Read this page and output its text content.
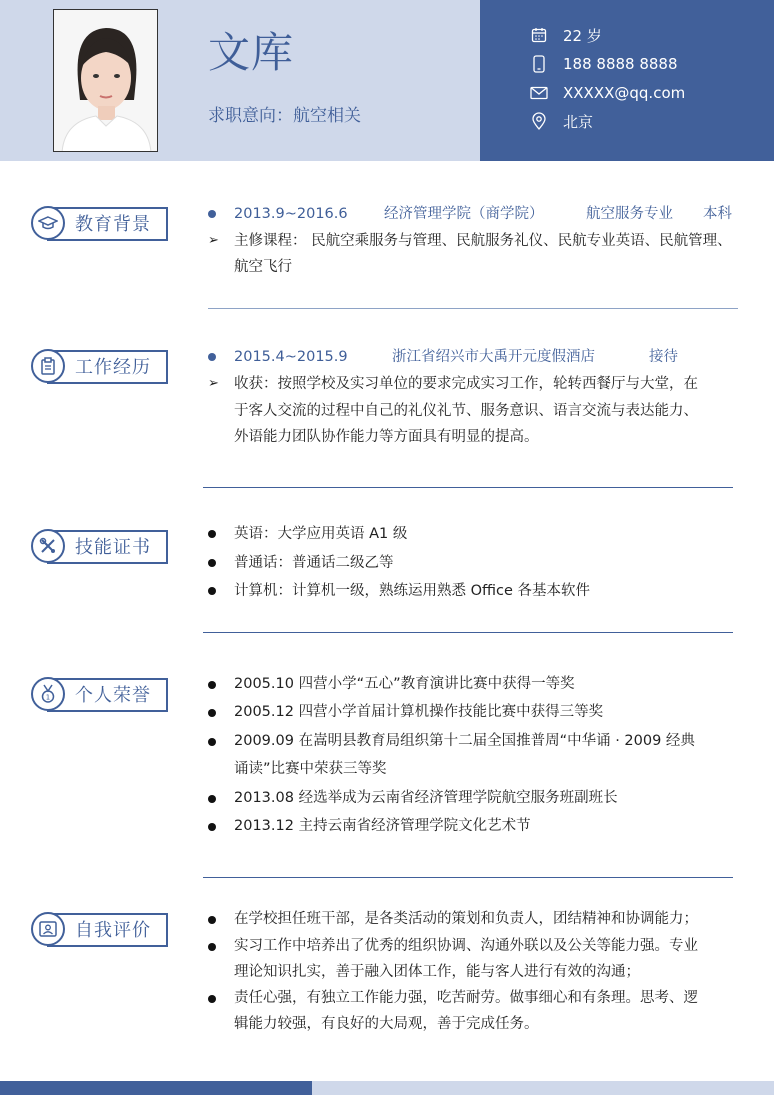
文库
求职意向：航空相关
22 岁
188 8888 8888
XXXXX@qq.com
北京
教育背景	2013.9~2016.6	经济管理学院（商学院）	航空服务专业 本科
➢ 主修课程： 民航空乘服务与管理、民航服务礼仪、民航专业英语、民航管理、
航空飞行
工作经历	2015.4~2015.9	浙江省绍兴市大禹开元度假酒店	接待
➢ 收获：按照学校及实习单位的要求完成实习工作，轮转西餐厅与大堂，在
于客人交流的过程中自己的礼仪礼节、服务意识、语言交流与表达能力、
外语能力团队协作能力等方面具有明显的提高。
技能证书
英语：大学应用英语 A1 级
普通话：普通话二级乙等
计算机：计算机一级，熟练运用熟悉 Office 各基本软件
个人荣誉
1
2005.10 四营小学“五心”教育演讲比赛中获得一等奖
2005.12 四营小学首届计算机操作技能比赛中获得三等奖
2009.09 在嵩明县教育局组织第十二届全国推普周“中华诵 · 2009 经典
诵读”比赛中荣获三等奖
2013.08 经选举成为云南省经济管理学院航空服务班副班长
2013.12 主持云南省经济管理学院文化艺术节
自我评价
在学校担任班干部，是各类活动的策划和负责人，团结精神和协调能力；
实习工作中培养出了优秀的组织协调、沟通外联以及公关等能力强。专业
理论知识扎实，善于融入团体工作，能与客人进行有效的沟通；
责任心强，有独立工作能力强，吃苦耐劳。做事细心和有条理。思考、逻
辑能力较强，有良好的大局观，善于完成任务。
